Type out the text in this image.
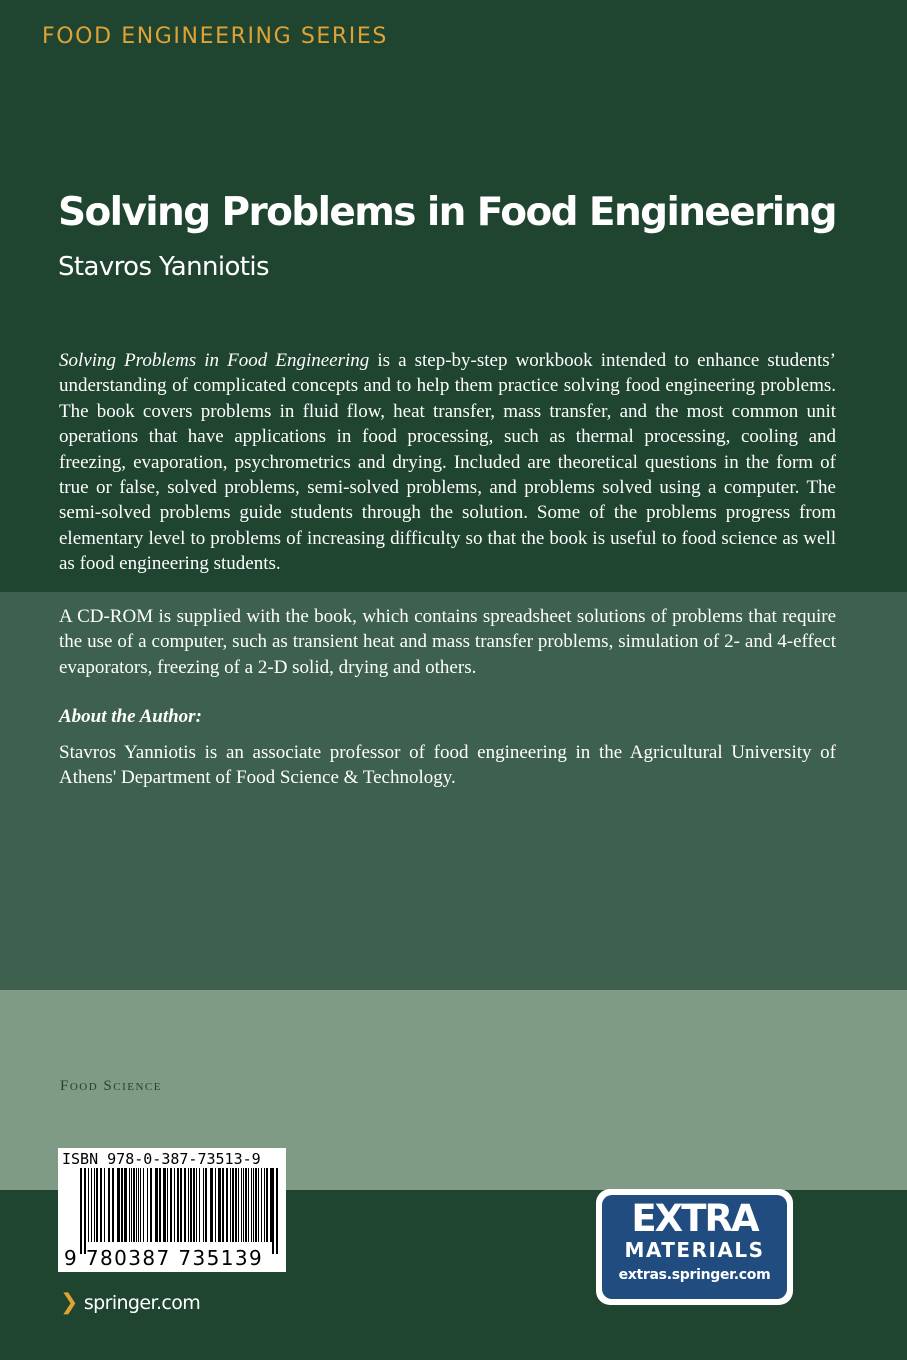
FOOD ENGINEERING SERIES
Solving Problems in Food Engineering
Stavros Yanniotis

Solving Problems in Food Engineering is a step-by-step workbook intended to enhance students’ understanding of complicated concepts and to help them practice solving food engineering problems. The book covers problems in fluid flow, heat transfer, mass transfer, and the most common unit operations that have applications in food processing, such as thermal processing, cooling and freezing, evaporation, psychrometrics and drying. Included are theoretical questions in the form of true or false, solved problems, semi-solved problems, and problems solved using a computer. The semi-solved problems guide students through the solution. Some of the problems progress from elementary level to problems of increasing difficulty so that the book is useful to food science as well as food engineering students.

A CD-ROM is supplied with the book, which contains spreadsheet solutions of problems that require the use of a computer, such as transient heat and mass transfer problems, simulation of 2- and 4-effect evaporators, freezing of a 2-D solid, drying and others.

About the Author:

Stavros Yanniotis is an associate professor of food engineering in the Agricultural University of Athens' Department of Food Science & Technology.

Food Science
ISBN 978-0-387-73513-9
9 780387 735139
❯ springer.com
EXTRA
MATERIALS
extras.springer.com
